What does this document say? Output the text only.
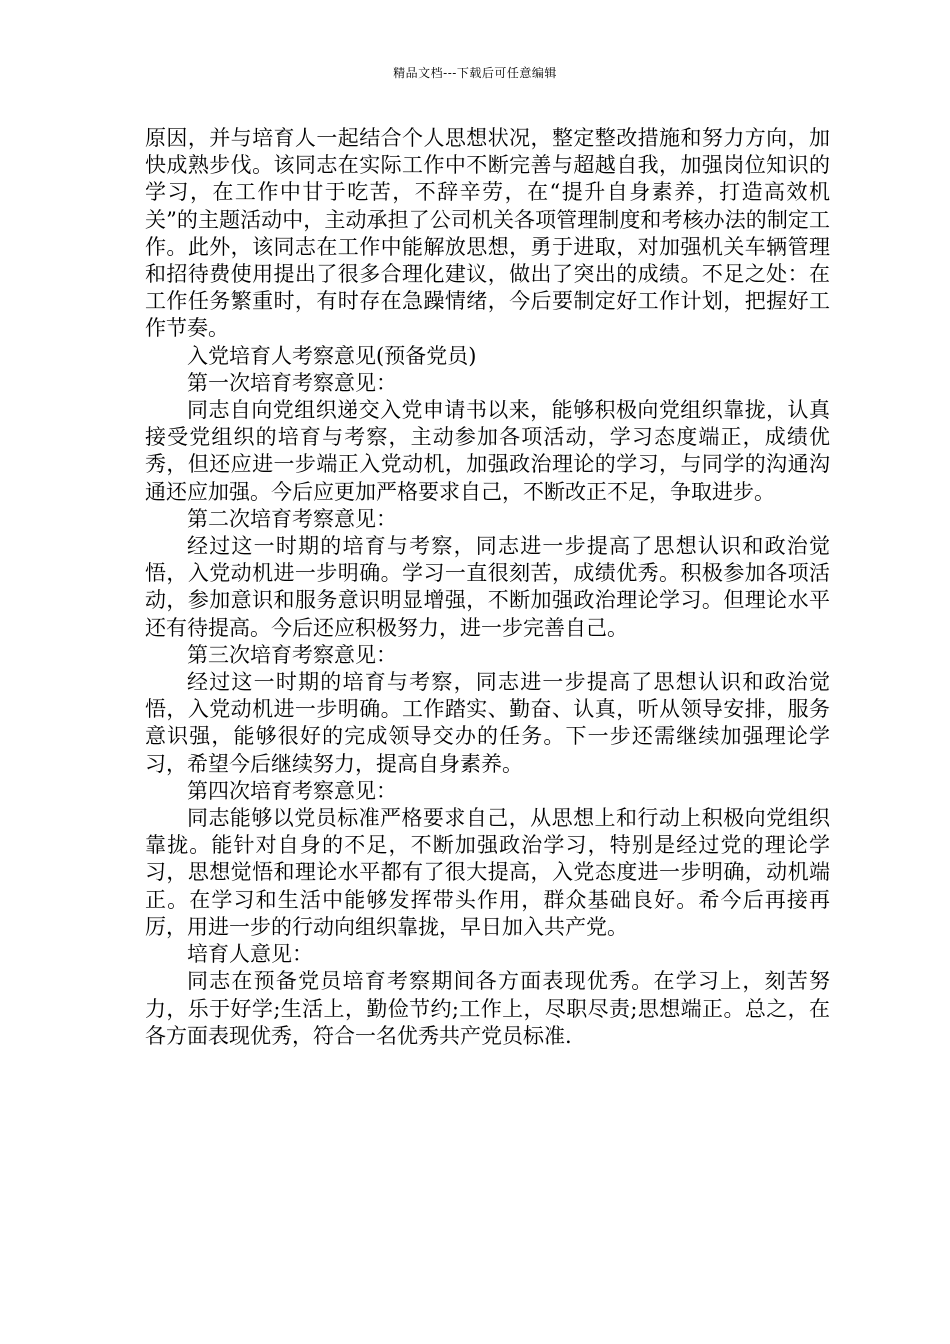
精品文档---下载后可任意编辑

原因，并与培育人一起结合个人思想状况，整定整改措施和努力方向，加快成熟步伐。该同志在实际工作中不断完善与超越自我，加强岗位知识的学习，在工作中甘于吃苦，不辞辛劳，在“提升自身素养，打造高效机关”的主题活动中，主动承担了公司机关各项管理制度和考核办法的制定工作。此外，该同志在工作中能解放思想，勇于进取，对加强机关车辆管理和招待费使用提出了很多合理化建议，做出了突出的成绩。不足之处：在工作任务繁重时，有时存在急躁情绪，今后要制定好工作计划，把握好工作节奏。

入党培育人考察意见(预备党员)

第一次培育考察意见：

同志自向党组织递交入党申请书以来，能够积极向党组织靠拢，认真接受党组织的培育与考察，主动参加各项活动，学习态度端正，成绩优秀，但还应进一步端正入党动机，加强政治理论的学习，与同学的沟通沟通还应加强。今后应更加严格要求自己，不断改正不足，争取进步。

第二次培育考察意见：

经过这一时期的培育与考察，同志进一步提高了思想认识和政治觉悟，入党动机进一步明确。学习一直很刻苦，成绩优秀。积极参加各项活动，参加意识和服务意识明显增强，不断加强政治理论学习。但理论水平还有待提高。今后还应积极努力，进一步完善自己。

第三次培育考察意见：

经过这一时期的培育与考察，同志进一步提高了思想认识和政治觉悟，入党动机进一步明确。工作踏实、勤奋、认真，听从领导安排，服务意识强，能够很好的完成领导交办的任务。下一步还需继续加强理论学习，希望今后继续努力，提高自身素养。

第四次培育考察意见：

同志能够以党员标准严格要求自己，从思想上和行动上积极向党组织靠拢。能针对自身的不足，不断加强政治学习，特别是经过党的理论学习，思想觉悟和理论水平都有了很大提高，入党态度进一步明确，动机端正。在学习和生活中能够发挥带头作用，群众基础良好。希今后再接再厉，用进一步的行动向组织靠拢，早日加入共产党。

培育人意见：

同志在预备党员培育考察期间各方面表现优秀。在学习上，刻苦努力，乐于好学;生活上，勤俭节约;工作上，尽职尽责;思想端正。总之，在各方面表现优秀，符合一名优秀共产党员标准.
